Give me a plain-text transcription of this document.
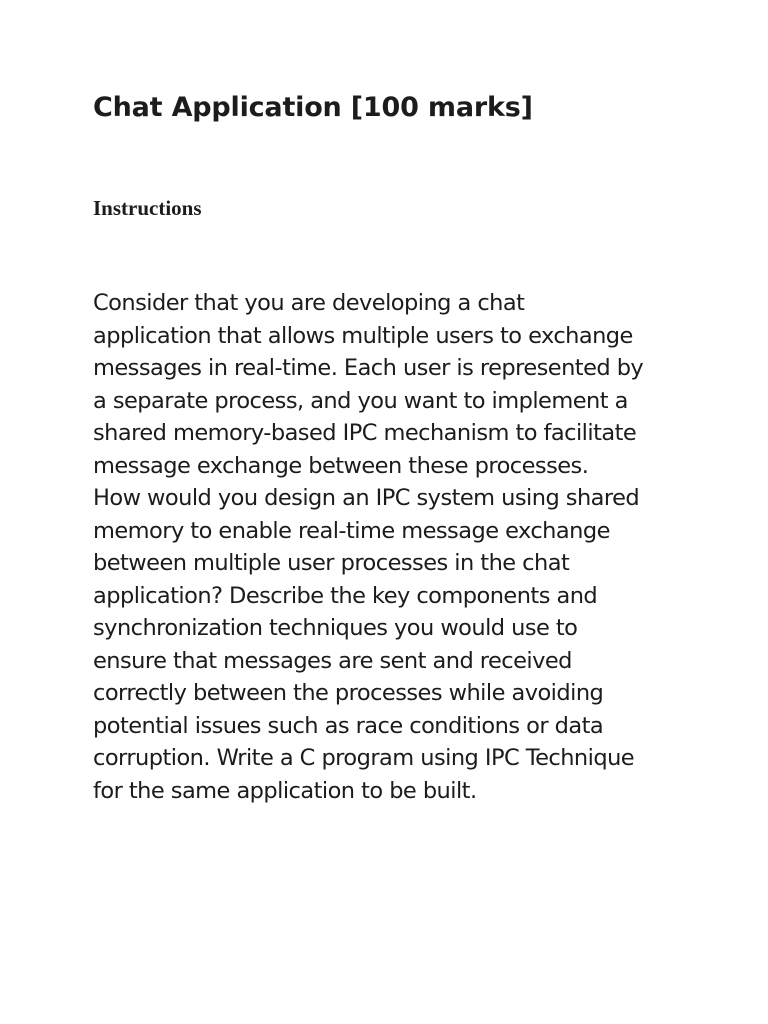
Chat Application [100 marks]
Instructions
Consider that you are developing a chat
application that allows multiple users to exchange
messages in real-time. Each user is represented by
a separate process, and you want to implement a
shared memory-based IPC mechanism to facilitate
message exchange between these processes.
How would you design an IPC system using shared
memory to enable real-time message exchange
between multiple user processes in the chat
application? Describe the key components and
synchronization techniques you would use to
ensure that messages are sent and received
correctly between the processes while avoiding
potential issues such as race conditions or data
corruption. Write a C program using IPC Technique
for the same application to be built.
